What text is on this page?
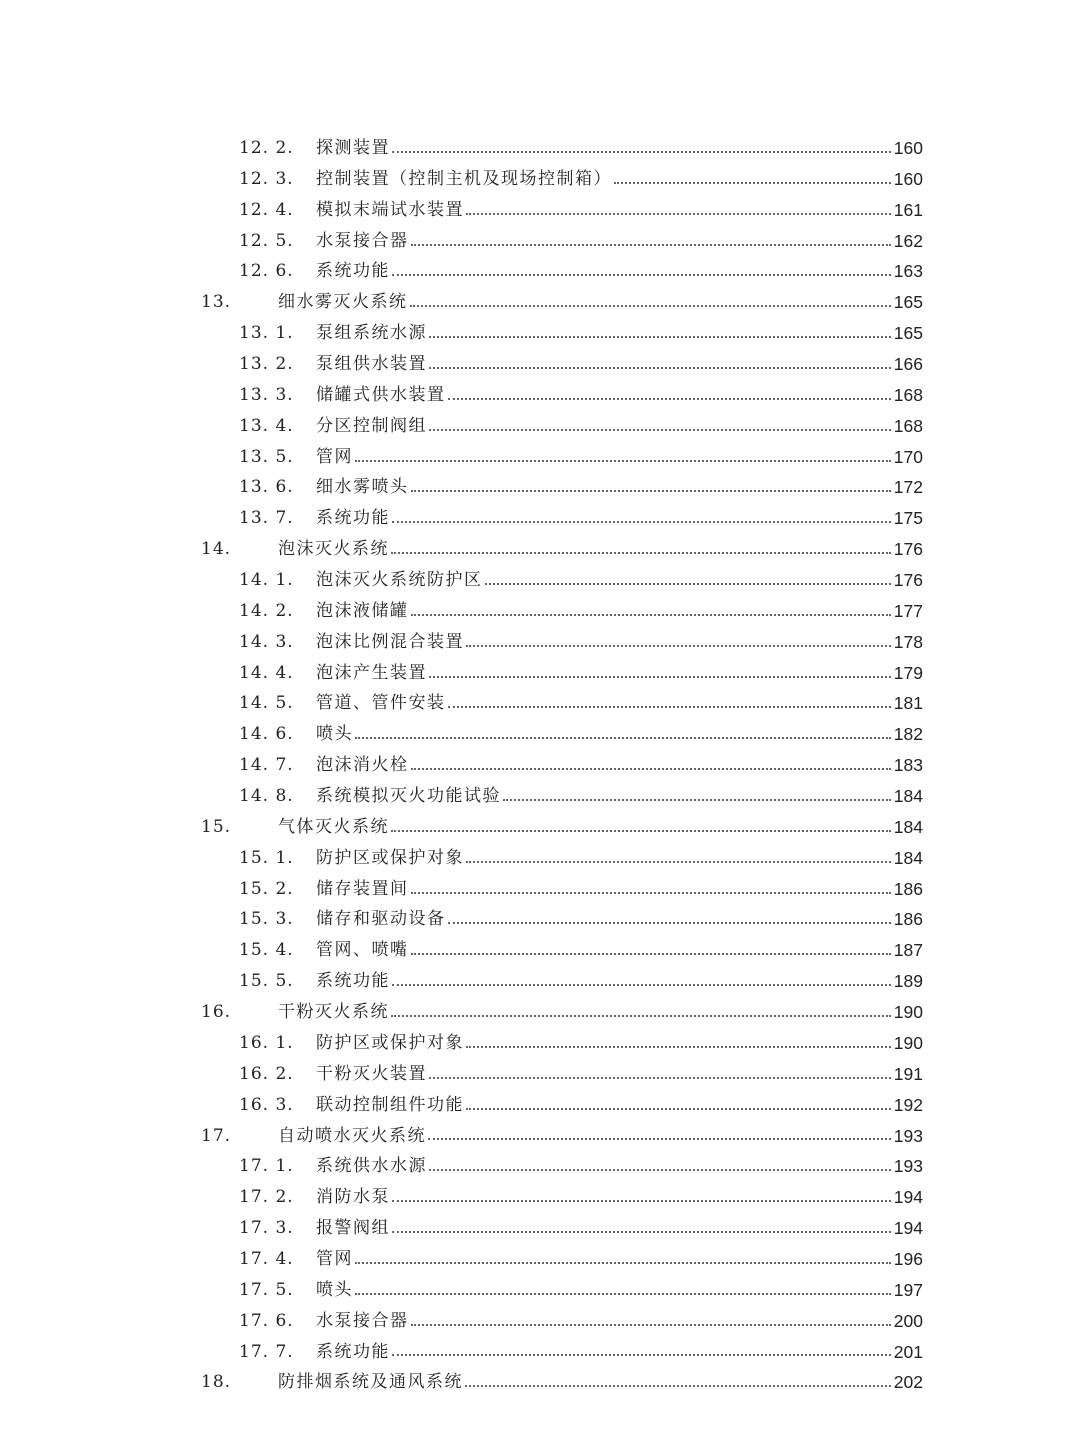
12. 2. 探测装置	160
12. 3. 控制装置（控制主机及现场控制箱）	160
12. 4. 模拟末端试水装置	161
12. 5. 水泵接合器	162
12. 6. 系统功能	163
13.	细水雾灭火系统	165
13. 1. 泵组系统水源	165
13. 2. 泵组供水装置	166
13. 3. 储罐式供水装置	168
13. 4. 分区控制阀组	168
13. 5. 管网	170
13. 6. 细水雾喷头	172
13. 7. 系统功能	175
14.	泡沫灭火系统	176
14. 1. 泡沫灭火系统防护区	176
14. 2. 泡沫液储罐	177
14. 3. 泡沫比例混合装置	178
14. 4. 泡沫产生装置	179
14. 5. 管道、管件安装	181
14. 6. 喷头	182
14. 7. 泡沫消火栓	183
14. 8. 系统模拟灭火功能试验	184
15.	气体灭火系统	184
15. 1. 防护区或保护对象	184
15. 2. 储存装置间	186
15. 3. 储存和驱动设备	186
15. 4. 管网、喷嘴	187
15. 5. 系统功能	189
16.	干粉灭火系统	190
16. 1. 防护区或保护对象	190
16. 2. 干粉灭火装置	191
16. 3. 联动控制组件功能	192
17.	自动喷水灭火系统	193
17. 1. 系统供水水源	193
17. 2. 消防水泵	194
17. 3. 报警阀组	194
17. 4. 管网	196
17. 5. 喷头	197
17. 6. 水泵接合器	200
17. 7. 系统功能	201
18.	防排烟系统及通风系统	202
